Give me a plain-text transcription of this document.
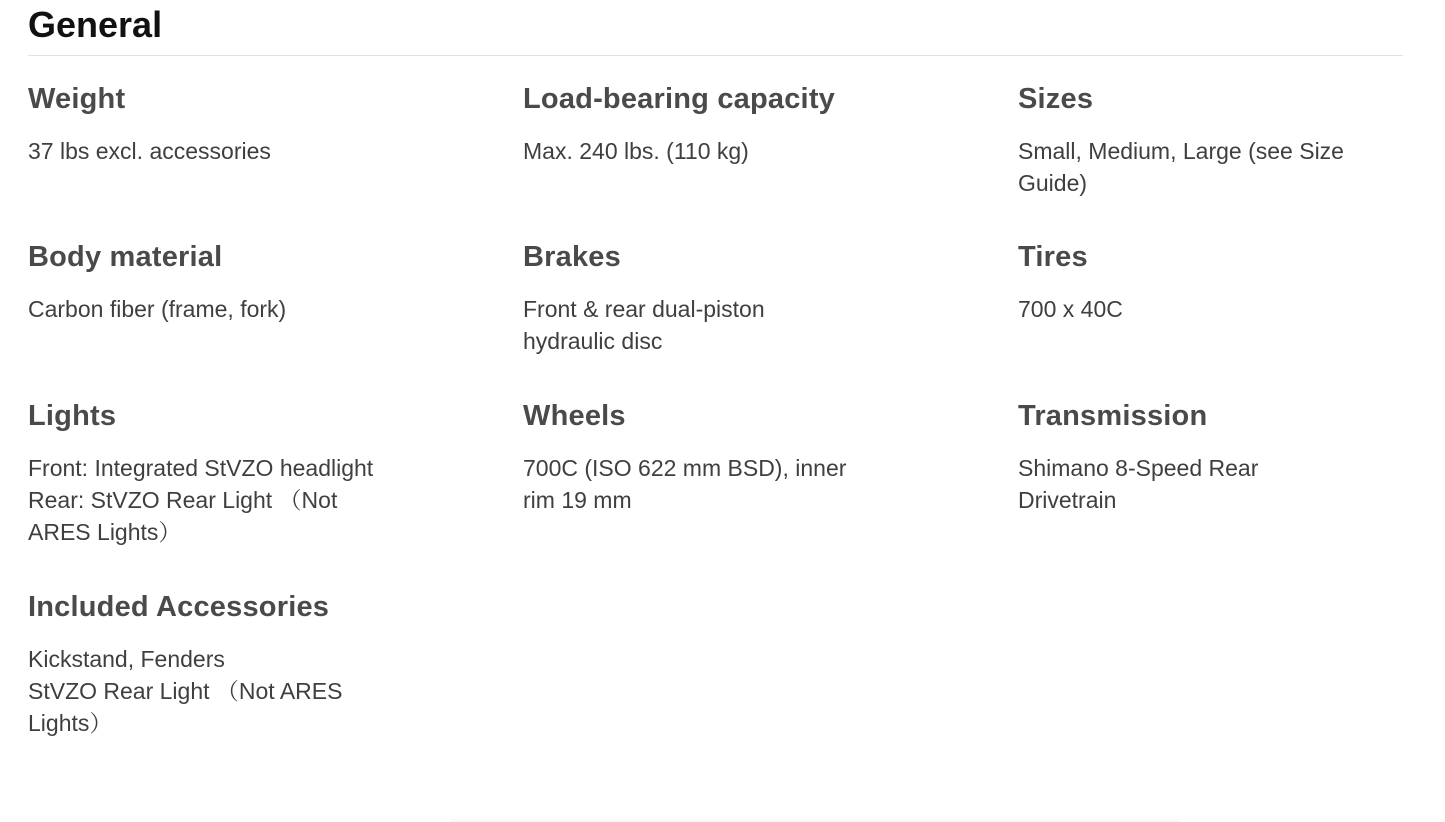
General
Weight

37 lbs excl. accessories

Load-bearing capacity

Max. 240 lbs. (110 kg)

Sizes

Small, Medium, Large (see Size
Guide)

Body material

Carbon fiber (frame, fork)

Brakes

Front & rear dual-piston
hydraulic disc

Tires

700 x 40C

Lights

Front: Integrated StVZO headlight
Rear: StVZO Rear Light （Not
ARES Lights）

Wheels

700C (ISO 622 mm BSD), inner
rim 19 mm

Transmission

Shimano 8-Speed Rear
Drivetrain

Included Accessories

Kickstand, Fenders
StVZO Rear Light （Not ARES
Lights）
